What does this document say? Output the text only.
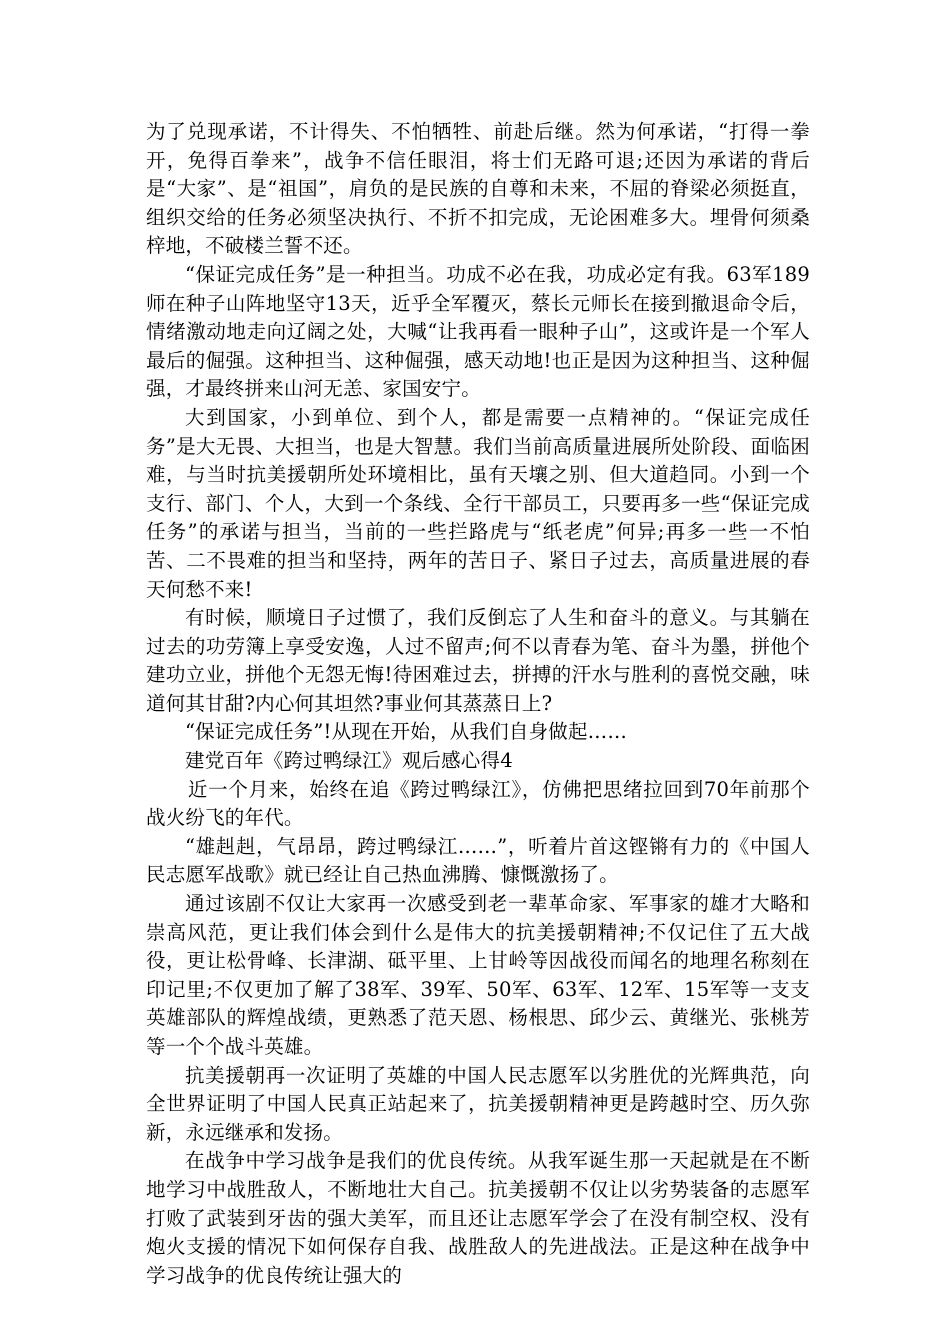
为了兑现承诺，不计得失、不怕牺牲、前赴后继。然为何承诺，“打得一拳开，免得百拳来”，战争不信任眼泪，将士们无路可退;还因为承诺的背后是“大家”、是“祖国”，肩负的是民族的自尊和未来，不屈的脊梁必须挺直，组织交给的任务必须坚决执行、不折不扣完成，无论困难多大。埋骨何须桑梓地，不破楼兰誓不还。

“保证完成任务”是一种担当。功成不必在我，功成必定有我。63军189师在种子山阵地坚守13天，近乎全军覆灭，蔡长元师长在接到撤退命令后，情绪激动地走向辽阔之处，大喊“让我再看一眼种子山”，这或许是一个军人最后的倔强。这种担当、这种倔强，感天动地!也正是因为这种担当、这种倔强，才最终拼来山河无恙、家国安宁。

大到国家，小到单位、到个人，都是需要一点精神的。“保证完成任务”是大无畏、大担当，也是大智慧。我们当前高质量进展所处阶段、面临困难，与当时抗美援朝所处环境相比，虽有天壤之别、但大道趋同。小到一个支行、部门、个人，大到一个条线、全行干部员工，只要再多一些“保证完成任务”的承诺与担当，当前的一些拦路虎与“纸老虎”何异;再多一些一不怕苦、二不畏难的担当和坚持，两年的苦日子、紧日子过去，高质量进展的春天何愁不来!

有时候，顺境日子过惯了，我们反倒忘了人生和奋斗的意义。与其躺在过去的功劳簿上享受安逸，人过不留声;何不以青春为笔、奋斗为墨，拼他个建功立业，拼他个无怨无悔!待困难过去，拼搏的汗水与胜利的喜悦交融，味道何其甘甜?内心何其坦然?事业何其蒸蒸日上?

“保证完成任务”!从现在开始，从我们自身做起……

建党百年《跨过鸭绿江》观后感心得4

近一个月来，始终在追《跨过鸭绿江》，仿佛把思绪拉回到70年前那个战火纷飞的年代。

“雄赳赳，气昂昂，跨过鸭绿江……”，听着片首这铿锵有力的《中国人民志愿军战歌》就已经让自己热血沸腾、慷慨激扬了。

通过该剧不仅让大家再一次感受到老一辈革命家、军事家的雄才大略和崇高风范，更让我们体会到什么是伟大的抗美援朝精神;不仅记住了五大战役，更让松骨峰、长津湖、砥平里、上甘岭等因战役而闻名的地理名称刻在印记里;不仅更加了解了38军、39军、50军、63军、12军、15军等一支支英雄部队的辉煌战绩，更熟悉了范天恩、杨根思、邱少云、黄继光、张桃芳等一个个战斗英雄。

抗美援朝再一次证明了英雄的中国人民志愿军以劣胜优的光辉典范，向全世界证明了中国人民真正站起来了，抗美援朝精神更是跨越时空、历久弥新，永远继承和发扬。

在战争中学习战争是我们的优良传统。从我军诞生那一天起就是在不断地学习中战胜敌人，不断地壮大自己。抗美援朝不仅让以劣势装备的志愿军打败了武装到牙齿的强大美军，而且还让志愿军学会了在没有制空权、没有炮火支援的情况下如何保存自我、战胜敌人的先进战法。正是这种在战争中学习战争的优良传统让强大的
